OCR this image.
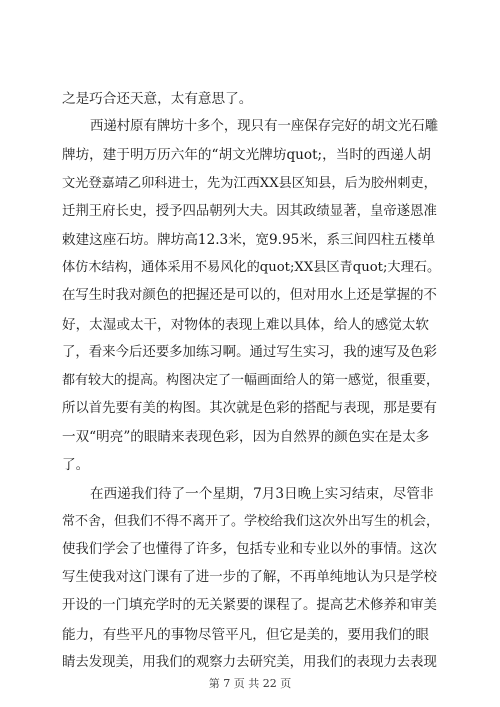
之是巧合还天意，太有意思了。
西递村原有牌坊十多个，现只有一座保存完好的胡文光石雕
牌坊，建于明万历六年的“胡文光牌坊quot;，当时的西递人胡
文光登嘉靖乙卯科进士，先为江西XX县区知县，后为胶州刺吏，
迁荆王府长史，授予四品朝列大夫。因其政绩显著，皇帝遂恩准
敕建这座石坊。牌坊高12.3米，宽9.95米，系三间四柱五楼单
体仿木结构，通体采用不易风化的quot;XX县区青quot;大理石。
在写生时我对颜色的把握还是可以的，但对用水上还是掌握的不
好，太湿或太干，对物体的表现上难以具体，给人的感觉太软
了，看来今后还要多加练习啊。通过写生实习，我的速写及色彩
都有较大的提高。构图决定了一幅画面给人的第一感觉，很重要，
所以首先要有美的构图。其次就是色彩的搭配与表现，那是要有
一双“明亮”的眼睛来表现色彩，因为自然界的颜色实在是太多
了。
在西递我们待了一个星期，7月3日晚上实习结束，尽管非
常不舍，但我们不得不离开了。学校给我们这次外出写生的机会，
使我们学会了也懂得了许多，包括专业和专业以外的事情。这次
写生使我对这门课有了进一步的了解，不再单纯地认为只是学校
开设的一门填充学时的无关紧要的课程了。提高艺术修养和审美
能力，有些平凡的事物尽管平凡，但它是美的，要用我们的眼
睛去发现美，用我们的观察力去研究美，用我们的表现力去表现
第 7 页 共 22 页
